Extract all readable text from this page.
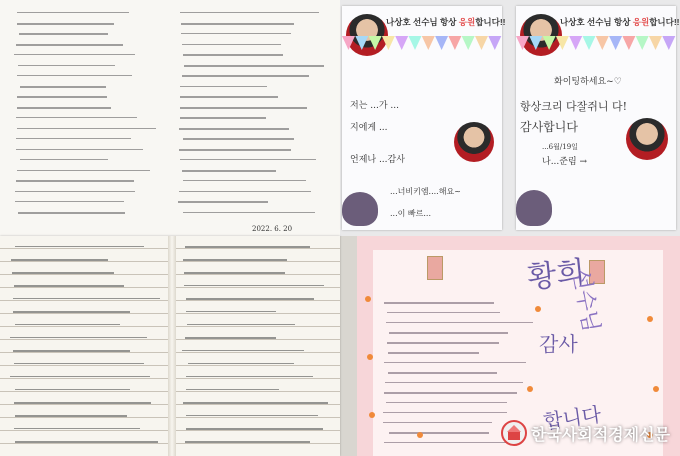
2022. 6. 20
나상호 선수님 항상 응원합니다!!
저는 ...가 ...
지에게 ...
언제나 ...감사
...너비키엠....해요~
...이 빠르...
나상호 선수님 항상 응원합니다!!
화이팅하세요~♡
항상크리 다잘쥐니 다!
감사합니다
...6월/19일
나...준림 →
황희
선수님
감사
합니다
한국사회적경제신문
